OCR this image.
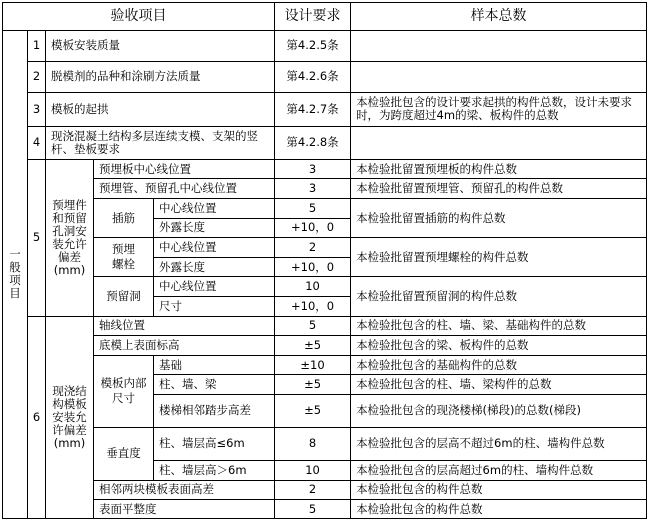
验收项目					设计要求	样本总数

一般项目	1	模板安装质量			第4.2.5条	
	2	脱模剂的品种和涂刷方法质量			第4.2.6条	
	3	模板的起拱			第4.2.7条	本检验批包含的设计要求起拱的构件总数，设计未要求时，为跨度超过4m的梁、板构件的总数
	4	现浇混凝土结构多层连续支模、支架的竖杆、垫板要求			第4.2.8条	
	5	预埋件和预留孔洞安装允许偏差(mm)	预埋板中心线位置		3	本检验批留置预埋板的构件总数
			预埋管、预留孔中心线位置		3	本检验批留置预埋管、预留孔的构件总数
			插筋	中心线位置	5	本检验批留置插筋的构件总数
				外露长度	+10，0	

			预埋螺栓	中心线位置	2	本检验批留置预埋螺栓的构件总数
				外露长度	+10，0	
			预留洞	中心线位置	10	本检验批留置预留洞的构件总数
				尺寸	+10，0	
	6	现浇结构模板安装允许偏差(mm)	轴线位置		5	本检验批包含的柱、墙、梁、基础构件的总数
			底模上表面标高		±5	本检验批包含的梁、板构件的总数

			模板内部尺寸	基础	±10	本检验批包含的基础构件的总数
				柱、墙、梁	±5	本检验批包含的柱、墙、梁构件的总数
				楼梯相邻踏步高差	±5	本检验批包含的现浇楼梯(梯段)的总数(梯段)
			垂直度	柱、墙层高≤6m	8	本检验批包含的层高不超过6m的柱、墙构件总数
				柱、墙层高＞6m	10	本检验批包含的层高超过6m的柱、墙构件总数
			相邻两块模板表面高差		2	本检验批包含的构件总数
			表面平整度		5	本检验批包含的构件总数
